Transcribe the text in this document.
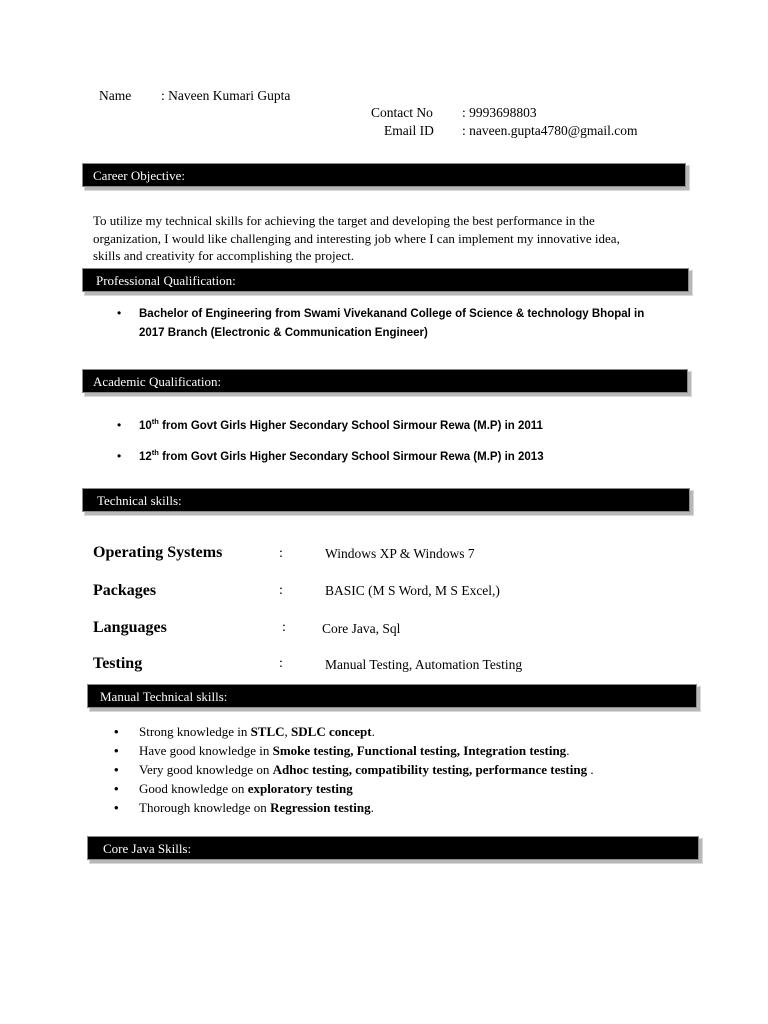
Name : Naveen Kumari Gupta
Contact No : 9993698803
Email ID : naveen.gupta4780@gmail.com
Career Objective:
To utilize my technical skills for achieving the target and developing the best performance in the
organization, I would like challenging and interesting job where I can implement my innovative idea,
skills and creativity for accomplishing the project.
Professional Qualification:
• Bachelor of Engineering from Swami Vivekanand College of Science & technology Bhopal in
2017 Branch (Electronic & Communication Engineer)
Academic Qualification:
• 10th from Govt Girls Higher Secondary School Sirmour Rewa (M.P) in 2011
• 12th from Govt Girls Higher Secondary School Sirmour Rewa (M.P) in 2013
Technical skills:
Operating Systems	:	Windows XP & Windows 7
Packages	:	BASIC (M S Word, M S Excel,)
Languages	:	Core Java, Sql
Testing	:	Manual Testing, Automation Testing
Manual Technical skills:
• Strong knowledge in STLC, SDLC concept.
• Have good knowledge in Smoke testing, Functional testing, Integration testing.
• Very good knowledge on Adhoc testing, compatibility testing, performance testing .
• Good knowledge on exploratory testing
• Thorough knowledge on Regression testing.
Core Java Skills:
